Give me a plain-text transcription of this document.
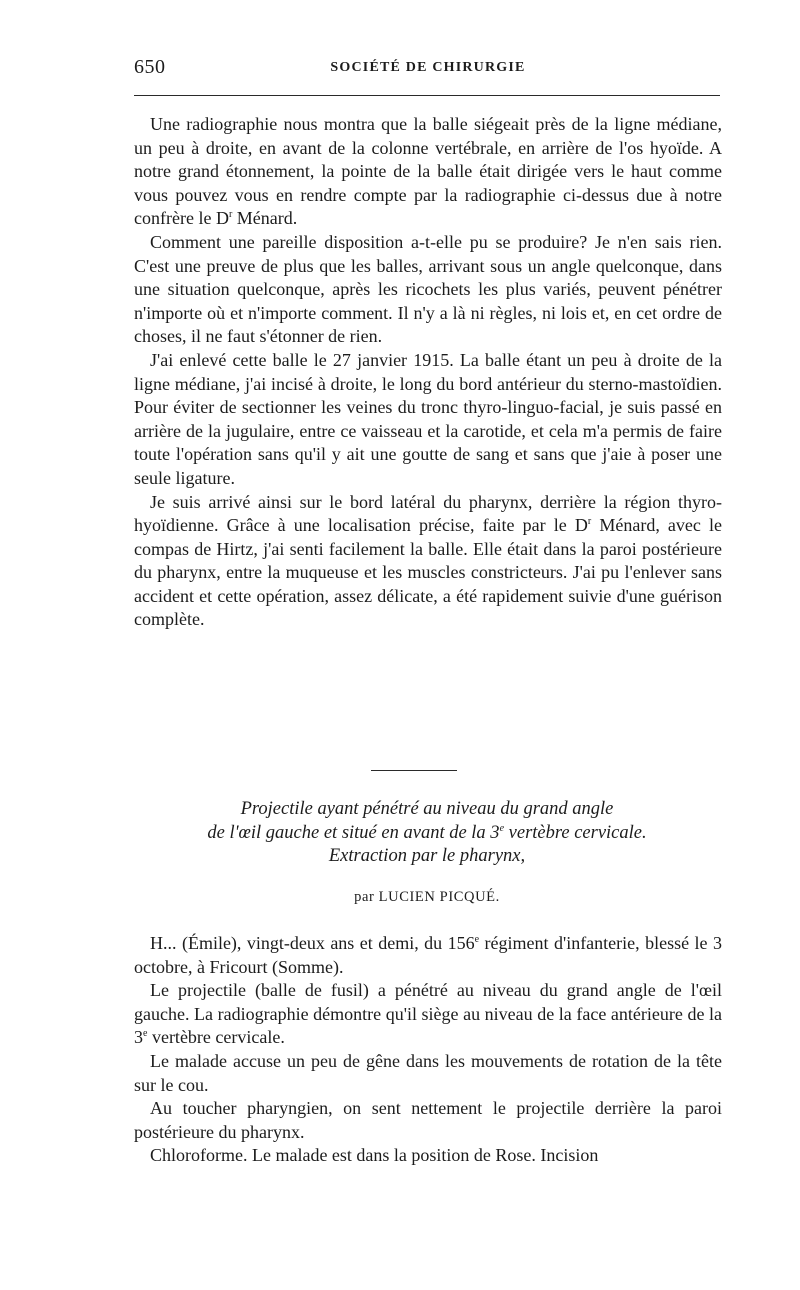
650	SOCIÉTÉ DE CHIRURGIE

Une radiographie nous montra que la balle siégeait près de la ligne médiane, un peu à droite, en avant de la colonne vertébrale, en arrière de l'os hyoïde. A notre grand étonnement, la pointe de la balle était dirigée vers le haut comme vous pouvez vous en rendre compte par la radiographie ci-dessus due à notre confrère le $D^r$ Ménard.

Comment une pareille disposition a-t-elle pu se produire? Je n'en sais rien. C'est une preuve de plus que les balles, arrivant sous un angle quelconque, dans une situation quelconque, après les ricochets les plus variés, peuvent pénétrer n'importe où et n'importe comment. Il n'y a là ni règles, ni lois et, en cet ordre de choses, il ne faut s'étonner de rien.

J'ai enlevé cette balle le 27 janvier 1915. La balle étant un peu à droite de la ligne médiane, j'ai incisé à droite, le long du bord antérieur du sterno-mastoïdien. Pour éviter de sectionner les veines du tronc thyro-linguo-facial, je suis passé en arrière de la jugulaire, entre ce vaisseau et la carotide, et cela m'a permis de faire toute l'opération sans qu'il y ait une goutte de sang et sans que j'aie à poser une seule ligature.

Je suis arrivé ainsi sur le bord latéral du pharynx, derrière la région thyro-hyoïdienne. Grâce à une localisation précise, faite par le $D^r$ Ménard, avec le compas de Hirtz, j'ai senti facilement la balle. Elle était dans la paroi postérieure du pharynx, entre la muqueuse et les muscles constricteurs. J'ai pu l'enlever sans accident et cette opération, assez délicate, a été rapidement suivie d'une guérison complète.

Projectile ayant pénétré au niveau du grand angle

de l'œil gauche et situé en avant de la 3e vertèbre cervicale.

Extraction par le pharynx,

par LUCIEN PICQUÉ.

H... (Émile), vingt-deux ans et demi, du 156e régiment d'infanterie, blessé le 3 octobre, à Fricourt (Somme).

Le projectile (balle de fusil) a pénétré au niveau du grand angle de l'œil gauche. La radiographie démontre qu'il siège au niveau de la face antérieure de la 3e vertèbre cervicale.

Le malade accuse un peu de gêne dans les mouvements de rotation de la tête sur le cou.

Au toucher pharyngien, on sent nettement le projectile derrière la paroi postérieure du pharynx.

Chloroforme. Le malade est dans la position de Rose. Incision
